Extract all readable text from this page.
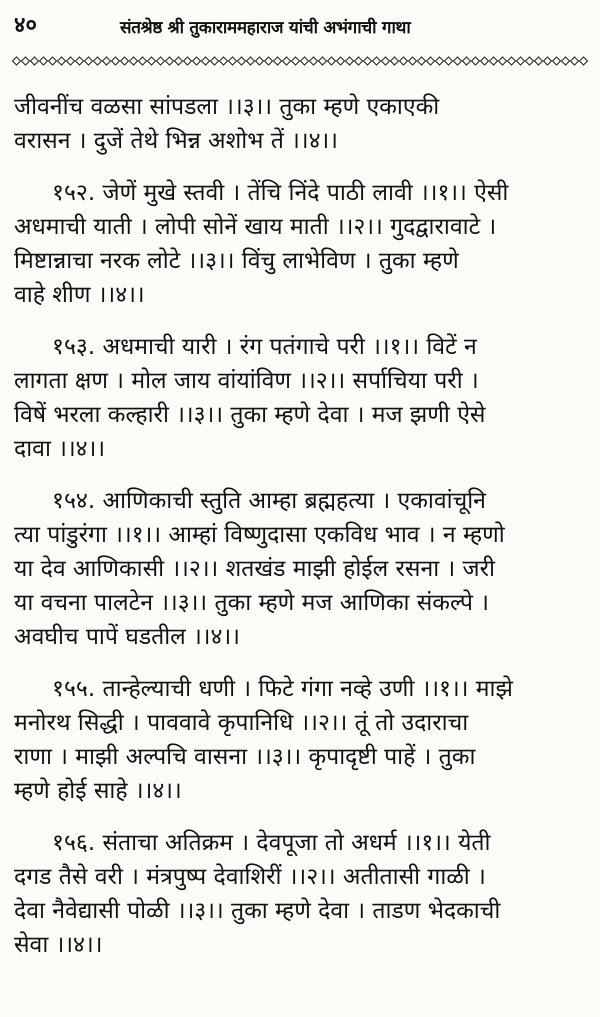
४०	संतश्रेष्ठ श्री तुकाराममहाराज यांची अभंगाची गाथा
जीवनींच वळसा सांपडला ।।३।। तुका म्हणे एकाएकी
वरासन । दुजें तेथे भिन्न अशोभ तें ।।४।।
१५२. जेणें मुखे स्तवी । तेंचि निंदे पाठी लावी ।।१।। ऐसी
अधमाची याती । लोपी सोनें खाय माती ।।२।। गुदद्वारावाटे ।
मिष्टान्नाचा नरक लोटे ।।३।। विंचु लाभेविण । तुका म्हणे
वाहे शीण ।।४।।
१५३. अधमाची यारी । रंग पतंगाचे परी ।।१।। विटें न
लागता क्षण । मोल जाय वांयांविण ।।२।। सर्पाचिया परी ।
विषें भरला कल्हारी ।।३।। तुका म्हणे देवा । मज झणी ऐसे
दावा ।।४।।
१५४. आणिकाची स्तुति आम्हा ब्रह्महत्या । एकावांचूनि
त्या पांडुरंगा ।।१।। आम्हां विष्णुदासा एकविध भाव । न म्हणो
या देव आणिकासी ।।२।। शतखंड माझी होईल रसना । जरी
या वचना पालटेन ।।३।। तुका म्हणे मज आणिका संकल्पे ।
अवघीच पापें घडतील ।।४।।
१५५. तान्हेल्याची धणी । फिटे गंगा नव्हे उणी ।।१।। माझे
मनोरथ सिद्धी । पाववावे कृपानिधि ।।२।। तूं तो उदाराचा
राणा । माझी अल्पचि वासना ।।३।। कृपादृष्टी पाहें । तुका
म्हणे होई साहे ।।४।।
१५६. संताचा अतिक्रम । देवपूजा तो अधर्म ।।१।। येती
दगड तैसे वरी । मंत्रपुष्प देवाशिरीं ।।२।। अतीतासी गाळी ।
देवा नैवेद्यासी पोळी ।।३।। तुका म्हणे देवा । ताडण भेदकाची
सेवा ।।४।।
